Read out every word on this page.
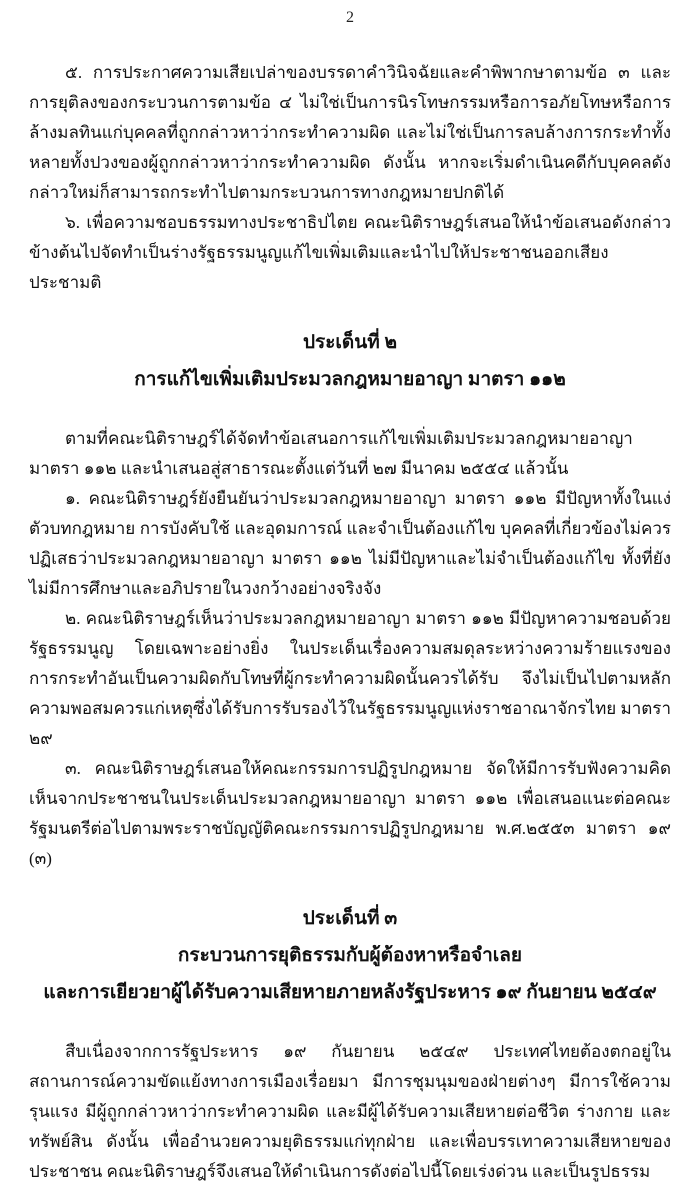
2

๕. การประกาศความเสียเปล่าของบรรดาคำวินิจฉัยและคำพิพากษาตามข้อ ๓ และการยุติลงของกระบวนการตามข้อ ๔ ไม่ใช่เป็นการนิรโทษกรรมหรือการอภัยโทษหรือการล้างมลทินแก่บุคคลที่ถูกกล่าวหาว่ากระทำความผิด และไม่ใช่เป็นการลบล้างการกระทำทั้งหลายทั้งปวงของผู้ถูกกล่าวหาว่ากระทำความผิด ดังนั้น หากจะเริ่มดำเนินคดีกับบุคคลดังกล่าวใหม่ก็สามารถกระทำไปตามกระบวนการทางกฎหมายปกติได้

๖. เพื่อความชอบธรรมทางประชาธิปไตย คณะนิติราษฎร์เสนอให้นำข้อเสนอดังกล่าวข้างต้นไปจัดทำเป็นร่างรัฐธรรมนูญแก้ไขเพิ่มเติมและนำไปให้ประชาชนออกเสียงประชามติ

ประเด็นที่ ๒
การแก้ไขเพิ่มเติมประมวลกฎหมายอาญา มาตรา ๑๑๒

ตามที่คณะนิติราษฎร์ได้จัดทำข้อเสนอการแก้ไขเพิ่มเติมประมวลกฎหมายอาญา มาตรา ๑๑๒ และนำเสนอสู่สาธารณะตั้งแต่วันที่ ๒๗ มีนาคม ๒๕๕๔ แล้วนั้น

๑. คณะนิติราษฎร์ยังยืนยันว่าประมวลกฎหมายอาญา มาตรา ๑๑๒ มีปัญหาทั้งในแง่ตัวบทกฎหมาย การบังคับใช้ และอุดมการณ์ และจำเป็นต้องแก้ไข บุคคลที่เกี่ยวข้องไม่ควรปฏิเสธว่าประมวลกฎหมายอาญา มาตรา ๑๑๒ ไม่มีปัญหาและไม่จำเป็นต้องแก้ไข ทั้งที่ยังไม่มีการศึกษาและอภิปรายในวงกว้างอย่างจริงจัง

๒. คณะนิติราษฎร์เห็นว่าประมวลกฎหมายอาญา มาตรา ๑๑๒ มีปัญหาความชอบด้วยรัฐธรรมนูญ โดยเฉพาะอย่างยิ่ง ในประเด็นเรื่องความสมดุลระหว่างความร้ายแรงของการกระทำอันเป็นความผิดกับโทษที่ผู้กระทำความผิดนั้นควรได้รับ จึงไม่เป็นไปตามหลักความพอสมควรแก่เหตุซึ่งได้รับการรับรองไว้ในรัฐธรรมนูญแห่งราชอาณาจักรไทย มาตรา ๒๙

๓. คณะนิติราษฎร์เสนอให้คณะกรรมการปฏิรูปกฎหมาย จัดให้มีการรับฟังความคิดเห็นจากประชาชนในประเด็นประมวลกฎหมายอาญา มาตรา ๑๑๒ เพื่อเสนอแนะต่อคณะรัฐมนตรีต่อไปตามพระราชบัญญัติคณะกรรมการปฏิรูปกฎหมาย พ.ศ.๒๕๕๓ มาตรา ๑๙ (๓)

ประเด็นที่ ๓
กระบวนการยุติธรรมกับผู้ต้องหาหรือจำเลย
และการเยียวยาผู้ได้รับความเสียหายภายหลังรัฐประหาร ๑๙ กันยายน ๒๕๔๙

สืบเนื่องจากการรัฐประหาร ๑๙ กันยายน ๒๕๔๙ ประเทศไทยต้องตกอยู่ในสถานการณ์ความขัดแย้งทางการเมืองเรื่อยมา มีการชุมนุมของฝ่ายต่างๆ มีการใช้ความรุนแรง มีผู้ถูกกล่าวหาว่ากระทำความผิด และมีผู้ได้รับความเสียหายต่อชีวิต ร่างกาย และทรัพย์สิน ดังนั้น เพื่ออำนวยความยุติธรรมแก่ทุกฝ่าย และเพื่อบรรเทาความเสียหายของประชาชน คณะนิติราษฎร์จึงเสนอให้ดำเนินการดังต่อไปนี้โดยเร่งด่วน และเป็นรูปธรรม
